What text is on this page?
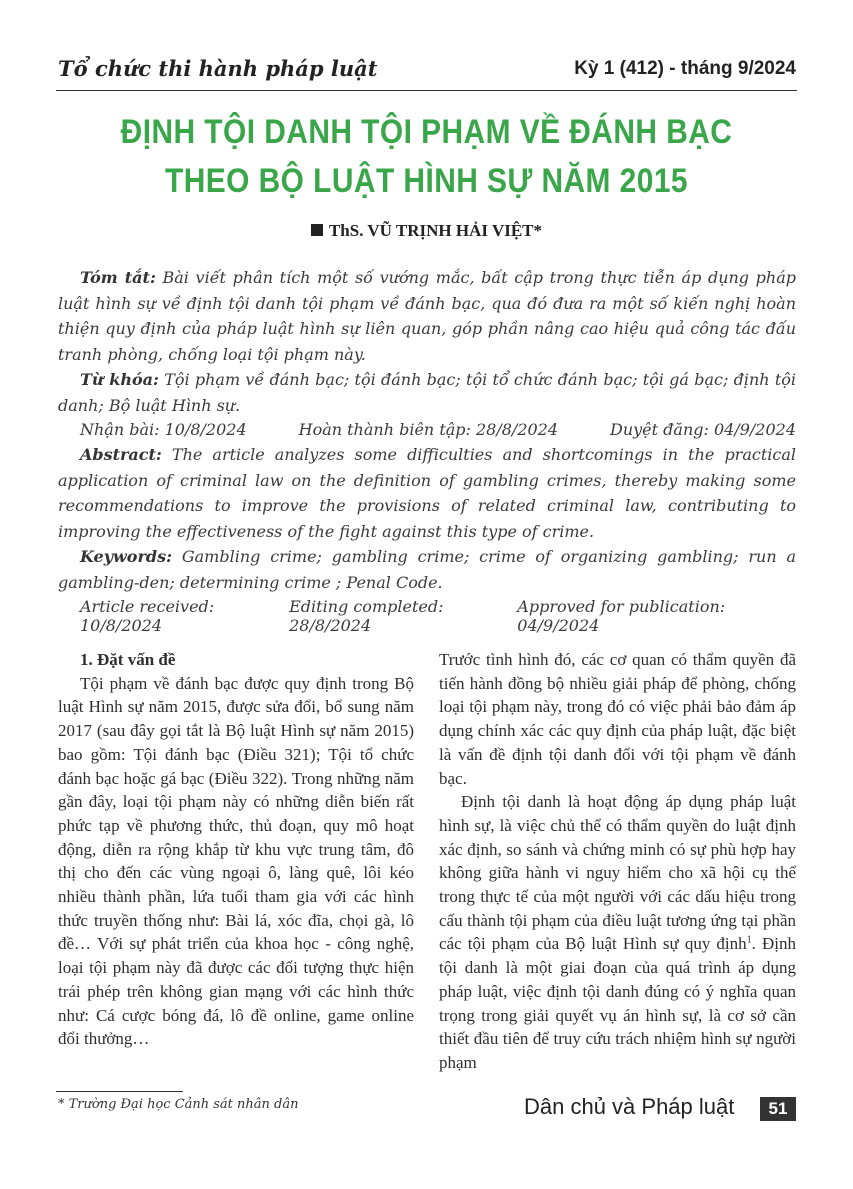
Tổ chức thi hành pháp luật	Kỳ 1 (412) - tháng 9/2024
ĐỊNH TỘI DANH TỘI PHẠM VỀ ĐÁNH BẠC
THEO BỘ LUẬT HÌNH SỰ NĂM 2015
ThS. VŨ TRỊNH HẢI VIỆT*
Tóm tắt: Bài viết phân tích một số vướng mắc, bất cập trong thực tiễn áp dụng pháp luật hình sự về định tội danh tội phạm về đánh bạc, qua đó đưa ra một số kiến nghị hoàn thiện quy định của pháp luật hình sự liên quan, góp phần nâng cao hiệu quả công tác đấu tranh phòng, chống loại tội phạm này.
Từ khóa: Tội phạm về đánh bạc; tội đánh bạc; tội tổ chức đánh bạc; tội gá bạc; định tội danh; Bộ luật Hình sự.
Nhận bài: 10/8/2024	Hoàn thành biên tập: 28/8/2024	Duyệt đăng: 04/9/2024
Abstract: The article analyzes some difficulties and shortcomings in the practical application of criminal law on the definition of gambling crimes, thereby making some recommendations to improve the provisions of related criminal law, contributing to improving the effectiveness of the fight against this type of crime.
Keywords: Gambling crime; gambling crime; crime of organizing gambling; run a gambling-den; determining crime ; Penal Code.
Article received: 10/8/2024
Editing completed: 28/8/2024
Approved for publication: 04/9/2024

1. Đặt vấn đề

Tội phạm về đánh bạc được quy định trong Bộ luật Hình sự năm 2015, được sửa đổi, bổ sung năm 2017 (sau đây gọi tắt là Bộ luật Hình sự năm 2015) bao gồm: Tội đánh bạc (Điều 321); Tội tổ chức đánh bạc hoặc gá bạc (Điều 322). Trong những năm gần đây, loại tội phạm này có những diễn biến rất phức tạp về phương thức, thủ đoạn, quy mô hoạt động, diễn ra rộng khắp từ khu vực trung tâm, đô thị cho đến các vùng ngoại ô, làng quê, lôi kéo nhiều thành phần, lứa tuổi tham gia với các hình thức truyền thống như: Bài lá, xóc đĩa, chọi gà, lô đề… Với sự phát triển của khoa học - công nghệ, loại tội phạm này đã được các đối tượng thực hiện trái phép trên không gian mạng với các hình thức như: Cá cược bóng đá, lô đề online, game online đổi thưởng…

Trước tình hình đó, các cơ quan có thẩm quyền đã tiến hành đồng bộ nhiều giải pháp để phòng, chống loại tội phạm này, trong đó có việc phải bảo đảm áp dụng chính xác các quy định của pháp luật, đặc biệt là vấn đề định tội danh đối với tội phạm về đánh bạc.

Định tội danh là hoạt động áp dụng pháp luật hình sự, là việc chủ thể có thẩm quyền do luật định xác định, so sánh và chứng minh có sự phù hợp hay không giữa hành vi nguy hiểm cho xã hội cụ thể trong thực tế của một người với các dấu hiệu trong cấu thành tội phạm của điều luật tương ứng tại phần các tội phạm của Bộ luật Hình sự quy định$^1$. Định tội danh là một giai đoạn của quá trình áp dụng pháp luật, việc định tội danh đúng có ý nghĩa quan trọng trong giải quyết vụ án hình sự, là cơ sở cần thiết đầu tiên để truy cứu trách nhiệm hình sự người phạm

* Trường Đại học Cảnh sát nhân dân	Dân chủ và Pháp luật	51
